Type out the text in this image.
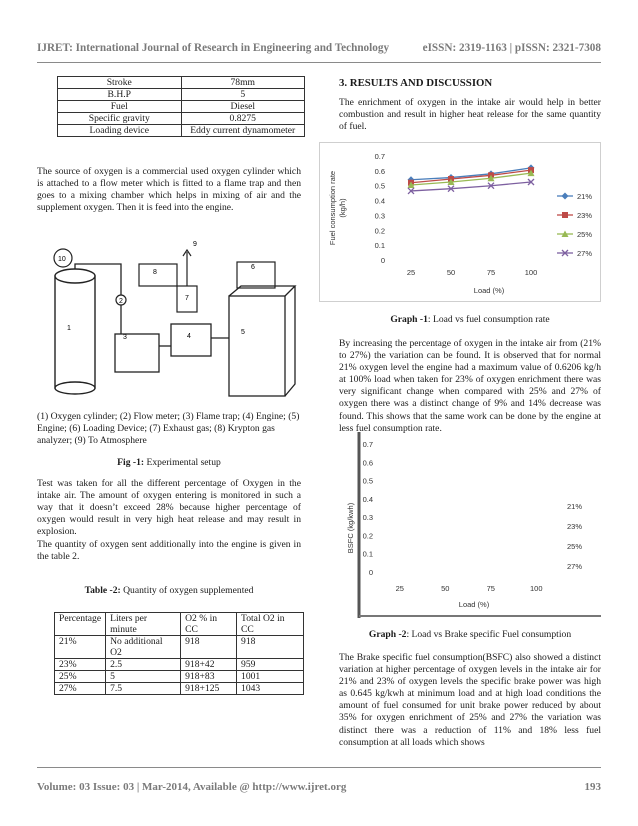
IJRET: International Journal of Research in Engineering and Technology	eISSN: 2319-1163 | pISSN: 2321-7308
Stroke	78mm
B.H.P	5
Fuel	Diesel
Specific gravity	0.8275
Loading device	Eddy current dynamometer
The source of oxygen is a commercial used oxygen cylinder which is attached to a flow meter which is fitted to a flame trap and then goes to a mixing chamber which helps in mixing of air and the supplement oxygen. Then it is feed into the engine.
1
2
3	4
5
6
7
8
9
10
(1) Oxygen cylinder; (2) Flow meter; (3) Flame trap; (4) Engine; (5) Engine; (6) Loading Device; (7) Exhaust gas; (8) Krypton gas analyzer; (9) To Atmosphere
Fig -1: Experimental setup
Test was taken for all the different percentage of Oxygen in the intake air. The amount of oxygen entering is monitored in such a way that it doesn’t exceed 28% because higher percentage of oxygen would result in very high heat release and may result in explosion.
The quantity of oxygen sent additionally into the engine is given in the table 2.
Table -2: Quantity of oxygen supplemented
Percentage	Liters per minute	O2 % in CC	Total O2 in CC
21%	No additional O2	918	918
23%	2.5	918+42	959
25%	5	918+83	1001
27%	7.5	918+125	1043
3. RESULTS AND DISCUSSION
The enrichment of oxygen in the intake air would help in better combustion and result in higher heat release for the same quantity of fuel.
0
0.1
0.2
0.3
0.4
0.5
0.6
0.7
25	50	75	100
Load (%)
Fuel consumption rate (kg/h)
21%
23%
25%
27%
Graph -1: Load vs fuel consumption rate
By increasing the percentage of oxygen in the intake air from (21% to 27%) the variation can be found. It is observed that for normal 21% oxygen level the engine had a maximum value of 0.6206 kg/h at 100% load when taken for 23% of oxygen enrichment there was very significant change when compared with 25% and 27% of oxygen there was a distinct change of 9% and 14% decrease was found. This shows that the same work can be done by the engine at less fuel consumption rate.
0
0.1
0.2
0.3
0.4
0.5
0.6
0.7
25	50	75	100
Load (%)
BSFC (kg/kwh)	21%
23%
25%
27%
Graph -2: Load vs Brake specific Fuel consumption
The Brake specific fuel consumption(BSFC) also showed a distinct variation at higher percentage of oxygen levels in the intake air for 21% and 23% of oxygen levels the specific brake power was high as 0.645 kg/kwh at minimum load and at high load conditions the amount of fuel consumed for unit brake power reduced by about 35% for oxygen enrichment of 25% and 27% the variation was distinct there was a reduction of 11% and 18% less fuel consumption at all loads which shows
Volume: 03 Issue: 03 | Mar-2014, Available @ http://www.ijret.org	193
